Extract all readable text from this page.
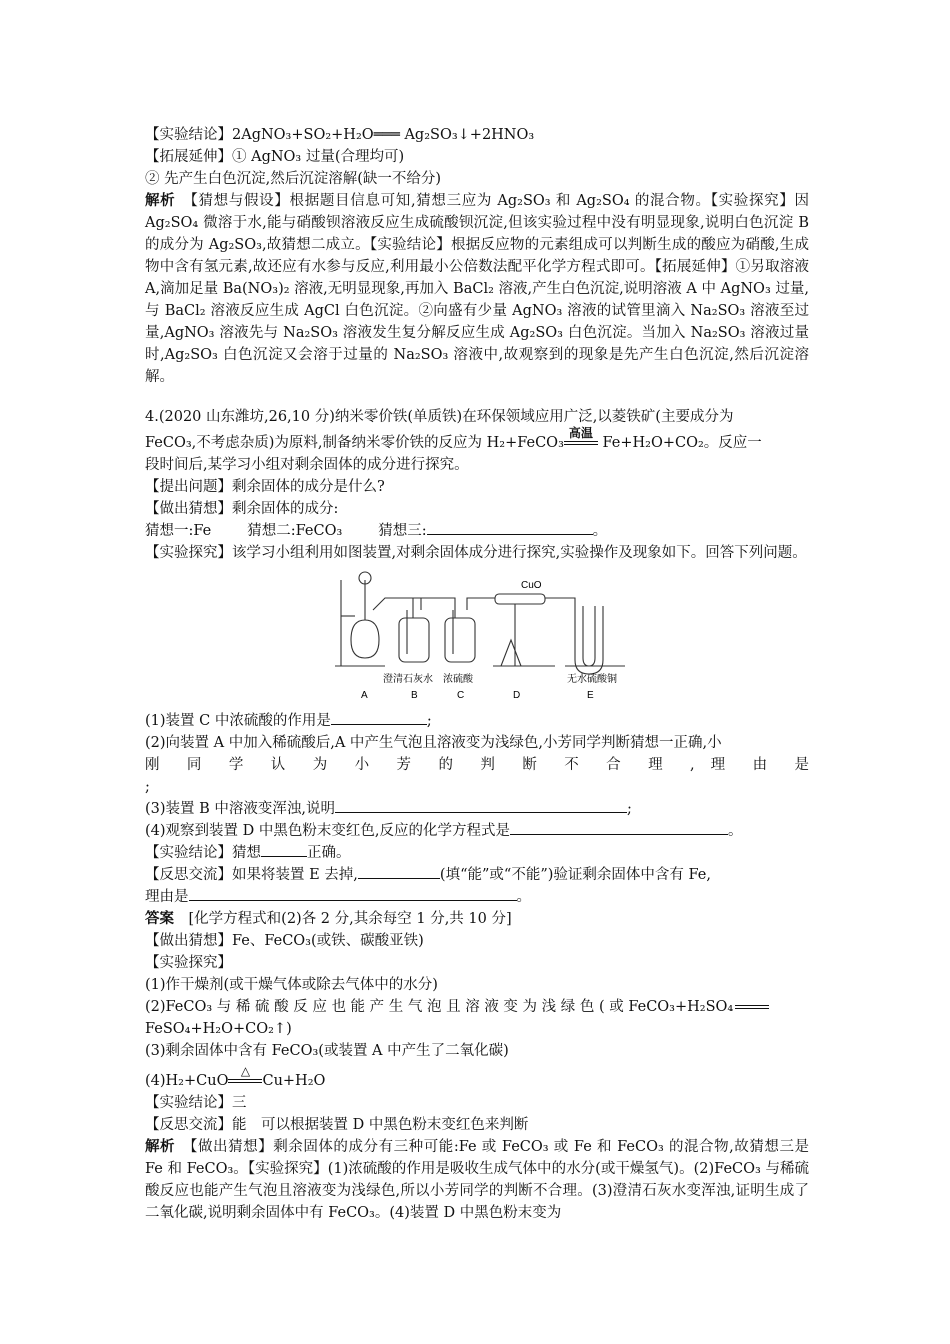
【实验结论】2AgNO₃+SO₂+H₂O═══ Ag₂SO₃↓+2HNO₃

【拓展延伸】① AgNO₃ 过量(合理均可)

② 先产生白色沉淀,然后沉淀溶解(缺一不给分)

解析　 【猜想与假设】根据题目信息可知,猜想三应为 Ag₂SO₃ 和 Ag₂SO₄ 的混合物。【实验探究】因 Ag₂SO₄ 微溶于水,能与硝酸钡溶液反应生成硫酸钡沉淀,但该实验过程中没有明显现象,说明白色沉淀 B 的成分为 Ag₂SO₃,故猜想二成立。【实验结论】根据反应物的元素组成可以判断生成的酸应为硝酸,生成物中含有氢元素,故还应有水参与反应,利用最小公倍数法配平化学方程式即可。【拓展延伸】①另取溶液 A,滴加足量 Ba(NO₃)₂ 溶液,无明显现象,再加入 BaCl₂ 溶液,产生白色沉淀,说明溶液 A 中 AgNO₃ 过量,与 BaCl₂ 溶液反应生成 AgCl 白色沉淀。②向盛有少量 AgNO₃ 溶液的试管里滴入 Na₂SO₃ 溶液至过量,AgNO₃ 溶液先与 Na₂SO₃ 溶液发生复分解反应生成 Ag₂SO₃ 白色沉淀。当加入 Na₂SO₃ 溶液过量时,Ag₂SO₃ 白色沉淀又会溶于过量的 Na₂SO₃ 溶液中,故观察到的现象是先产生白色沉淀,然后沉淀溶解。

4.(2020 山东潍坊,26,10 分)纳米零价铁(单质铁)在环保领域应用广泛,以菱铁矿(主要成分为

FeCO₃,不考虑杂质)为原料,制备纳米零价铁的反应为 H₂+FeCO₃
高温
Fe+H₂O+CO₂。反应一

段时间后,某学习小组对剩余固体的成分进行探究。

【提出问题】剩余固体的成分是什么?

【做出猜想】剩余固体的成分:

猜想一:Fe 猜想二:FeCO₃ 猜想三:	。

【实验探究】该学习小组利用如图装置,对剩余固体成分进行探究,实验操作及现象如下。回答下列问题。

CuO
澄清石灰水 浓硫酸	无水硫酸铜
A	B	C	D	E

(1)装置 C 中浓硫酸的作用是	;

(2)向装置 A 中加入稀硫酸后,A 中产生气泡且溶液变为浅绿色,小芳同学判断猜想一正确,小

刚 同 学 认 为 小 芳 的 判 断 不 合 理 , 理 由 是

;

(3)装置 B 中溶液变浑浊,说明	;

(4)观察到装置 D 中黑色粉末变红色,反应的化学方程式是	。

【实验结论】猜想	正确。

【反思交流】如果将装置 E 去掉,	(填“能”或“不能”)验证剩余固体中含有 Fe,

理由是	。

答案　 [化学方程式和(2)各 2 分,其余每空 1 分,共 10 分]

【做出猜想】Fe、FeCO₃(或铁、碳酸亚铁)

【实验探究】

(1)作干燥剂(或干燥气体或除去气体中的水分)

(2)FeCO₃ 与 稀 硫 酸 反 应 也 能 产 生 气 泡 且 溶 液 变 为 浅 绿 色 ( 或 FeCO₃+H₂SO₄

FeSO₄+H₂O+CO₂↑)

(3)剩余固体中含有 FeCO₃(或装置 A 中产生了二氧化碳)

(4)H₂+CuO
△
Cu+H₂O

【实验结论】三

【反思交流】能　可以根据装置 D 中黑色粉末变红色来判断

解析　 【做出猜想】剩余固体的成分有三种可能:Fe 或 FeCO₃ 或 Fe 和 FeCO₃ 的混合物,故猜想三是 Fe 和 FeCO₃。【实验探究】(1)浓硫酸的作用是吸收生成气体中的水分(或干燥氢气)。(2)FeCO₃ 与稀硫酸反应也能产生气泡且溶液变为浅绿色,所以小芳同学的判断不合理。(3)澄清石灰水变浑浊,证明生成了二氧化碳,说明剩余固体中有 FeCO₃。(4)装置 D 中黑色粉末变为
